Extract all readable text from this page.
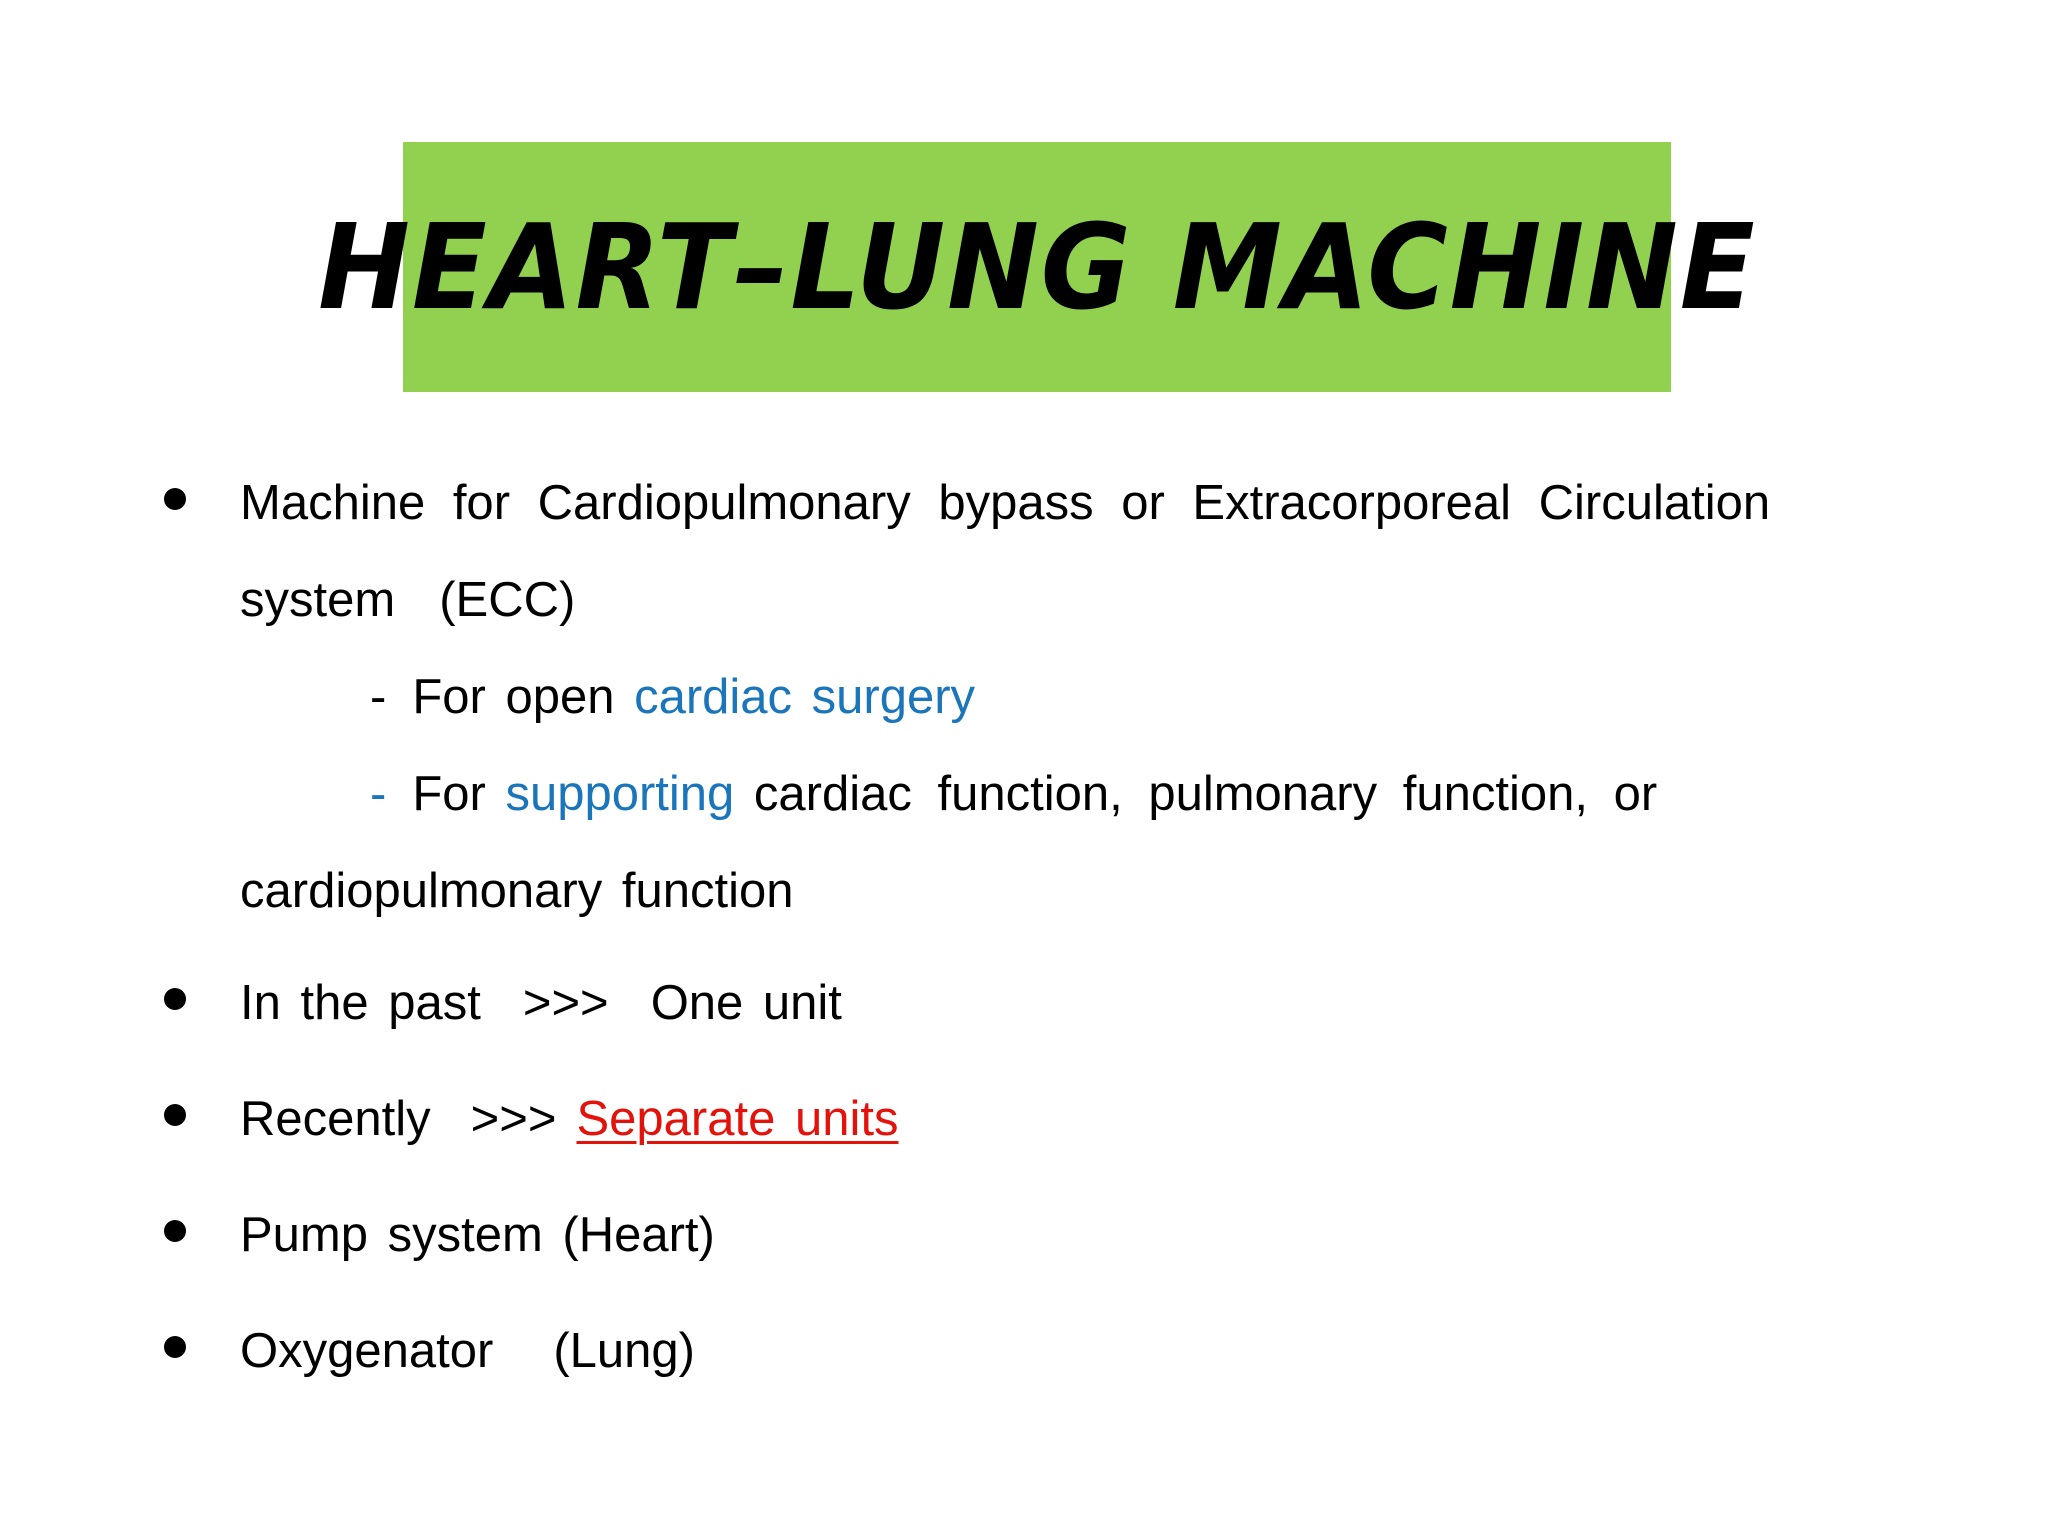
HEART–LUNG MACHINE
Machine for Cardiopulmonary bypass or Extracorporeal Circulation
system (ECC)
- For open cardiac surgery
- For supporting cardiac function, pulmonary function, or
cardiopulmonary function
In the past >>> One unit
Recently >>> Separate units
Pump system (Heart)
Oxygenator (Lung)
